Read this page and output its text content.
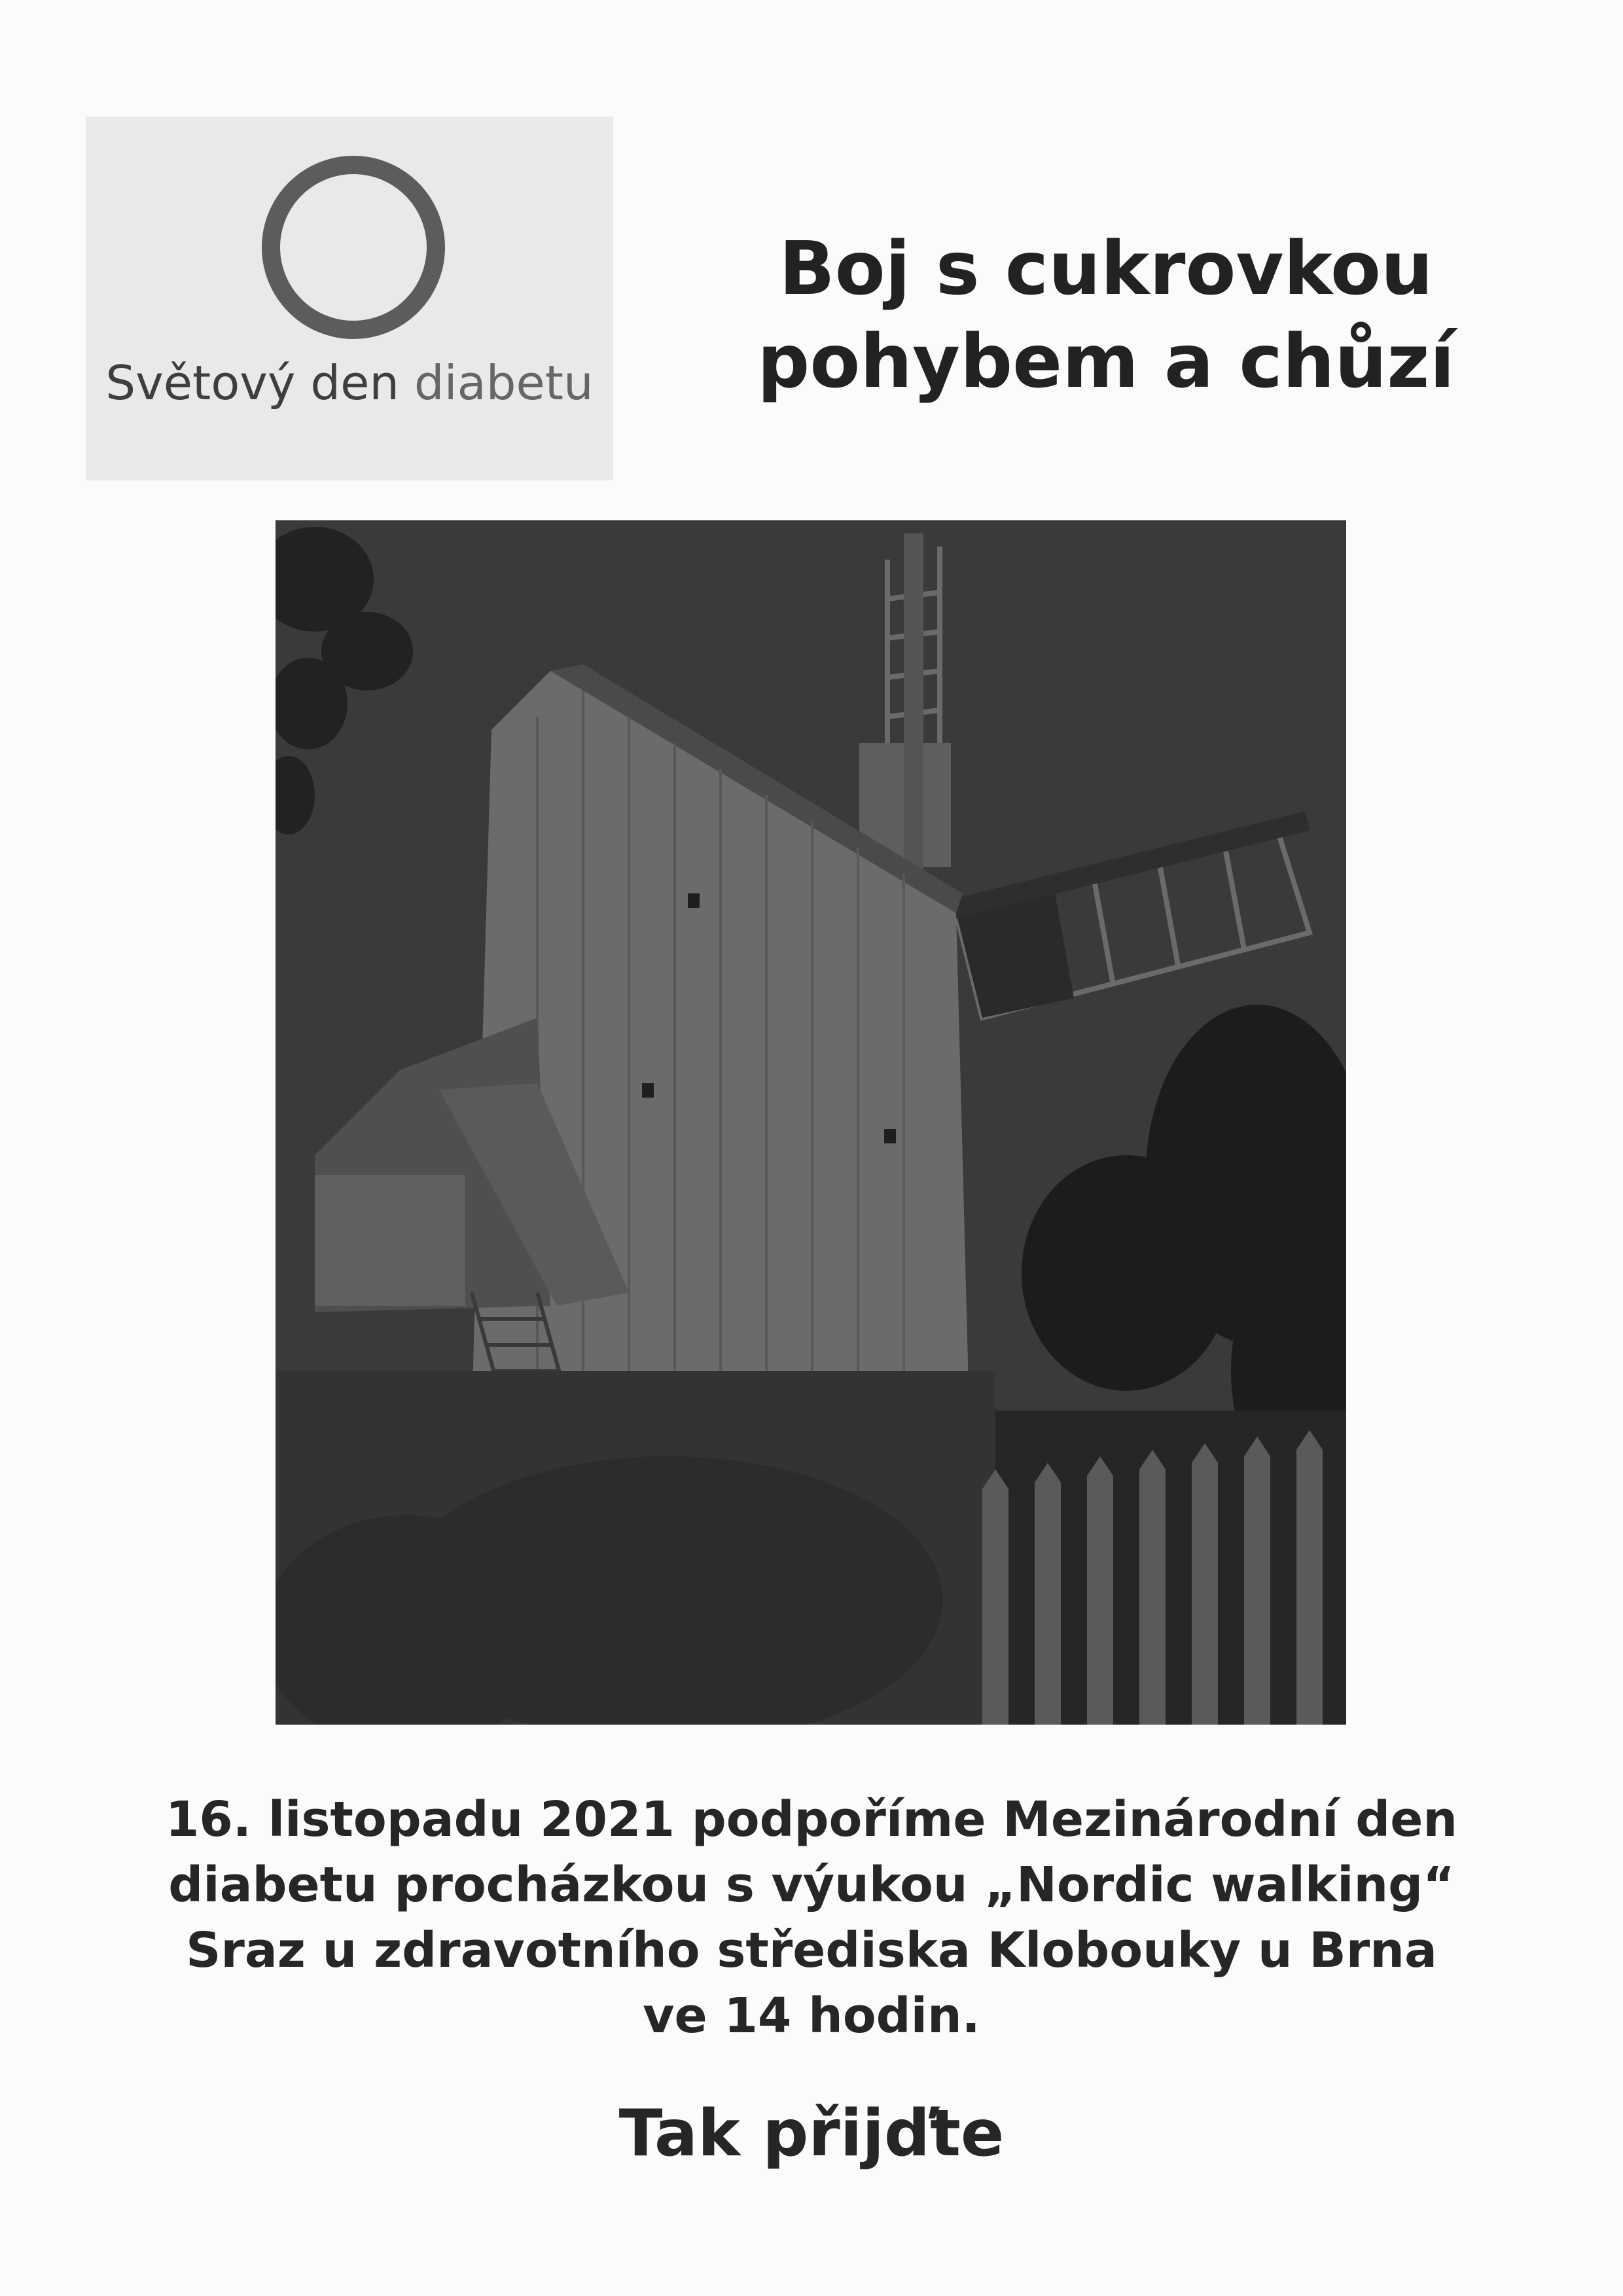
Světový den diabetu
Boj s cukrovkou
pohybem a chůzí
16. listopadu 2021 podpoříme Mezinárodní den
diabetu procházkou s výukou „Nordic walking“
Sraz u zdravotního střediska Klobouky u Brna
ve 14 hodin.
Tak přijďte
